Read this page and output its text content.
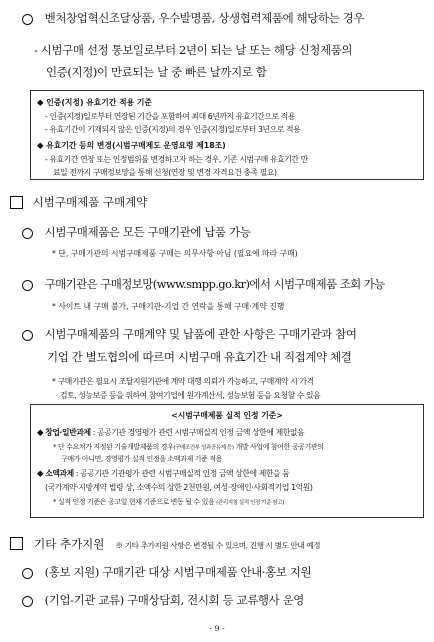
벤처창업혁신조달상품, 우수발명품, 상생협력제품에 해당하는 경우
- 시범구매 선정 통보일로부터 2년이 되는 날 또는 해당 신청제품의
인증(지정)이 만료되는 날 중 빠른 날까지로 함
◆ 인증(지정) 유효기간 적용 기준
- 인증(지정)일로부터 연장된 기간을 포함하여 최대 6년까지 유효기간으로 적용
- 유효기간이 기재되지 않은 인증(지정)의 경우 인증(지정)일로부터 3년으로 적용
◆ 유효기간 등의 변경(시범구매제도 운영요령 제18조)
- 유효기간 연장 또는 인정범위를 변경하고자 하는 경우, 기존 시범구매 유효기간 만
료일 전까지 구매정보망을 통해 신청(연장 및 변경 자격요건 충족 필요)
시범구매제품 구매계약
시범구매제품은 모든 구매기관에 납품 가능
* 단, 구매기관의 시범구매제품 구매는 의무사항 아님 (필요에 따라 구매)
구매기관은 구매정보망(www.smpp.go.kr)에서 시범구매제품 조회 가능
* 사이트 내 구매 불가, 구매기관-기업 간 연락을 통해 구매·계약 진행
시범구매제품의 구매계약 및 납품에 관한 사항은 구매기관과 참여
기업 간 별도협의에 따르며 시범구매 유효기간 내 직접계약 체결
* 구매기관은 필요시 조달지원기관에 계약 대행 의뢰가 가능하고, 구매계약 시 가격
검토, 성능보증 등을 위하여 참여기업에 원가계산서, 성능보험 등을 요청할 수 있음
<시범구매제품 실적 인정 기준>
◆ 창업·일반과제 : 공공기관 경영평가 관련 시범구매실적 인정 금액 상한에 제한없음
* 단 수요처가 지정된 기술개발제품의 경우(구매조건부 성과공유제 등) 개발 사업에 참여한 공공기관의
구매가 아니면, 경영평가 실적 인정을 소액과제 기준 적용
◆ 소액과제 : 공공기관 기관평가 관련 시범구매실적 인정 금액 상한에 제한을 둠
(국가계약·지방계약 법령 상, 소액수의 상한 2천만원, 여성·장애인·사회적기업 1억원)
* 실적 인정 기준은 공고일 현재 기준으로 변동 될 수 있음 (관리지침 실적 인정 기준 참고)
기타 추가지원 ※ 기타 추가지원 사항은 변경될 수 있으며, 진행 시 별도 안내 예정
(홍보 지원) 구매기관 대상 시범구매제품 안내·홍보 지원
(기업-기관 교류) 구매상담회, 전시회 등 교류행사 운영
- 9 -
